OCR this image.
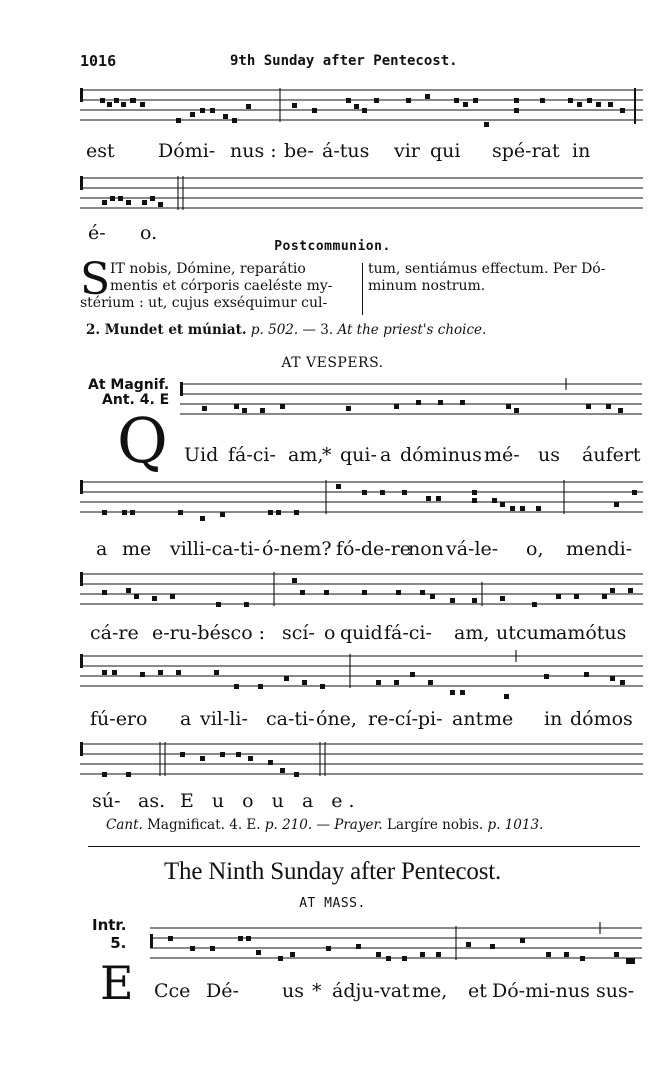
1016	9th Sunday after Pentecost.
est Dómi- nus : be- á-tus vir qui spé-rat in
é- o.
Postcommunion.
S IT nobis, Dómine, reparátio
mentis et córporis caeléste my-
stérium : ut, cujus exséquimur cul-
tum, sentiámus effectum. Per Dó-
minum nostrum.
2. Mundet et múniat. p. 502. — 3. At the priest's choice.
AT VESPERS.
At Magnif.
Ant. 4. E
Q Uid fá-ci- am,
* qui- a dóminus mé- us áufert
a me villi-ca-ti- ó-nem? fó-de-re
non vá-le- o, mendi-
cá-re e-ru-bésco : scí- o quid fá-ci- am, ut cum amótus
fú-ero a vil-li- ca-ti- óne, re-cí-pi- ant me in dómos
sú- as. E u o u a e.
Cant. Magnificat. 4. E. p. 210. — Prayer. Largíre nobis. p. 1013.
The Ninth Sunday after Pentecost.
AT MASS.
Intr.
5.
E Cce Dé- us * ádju-vat me, et Dó-mi-nus sus-
